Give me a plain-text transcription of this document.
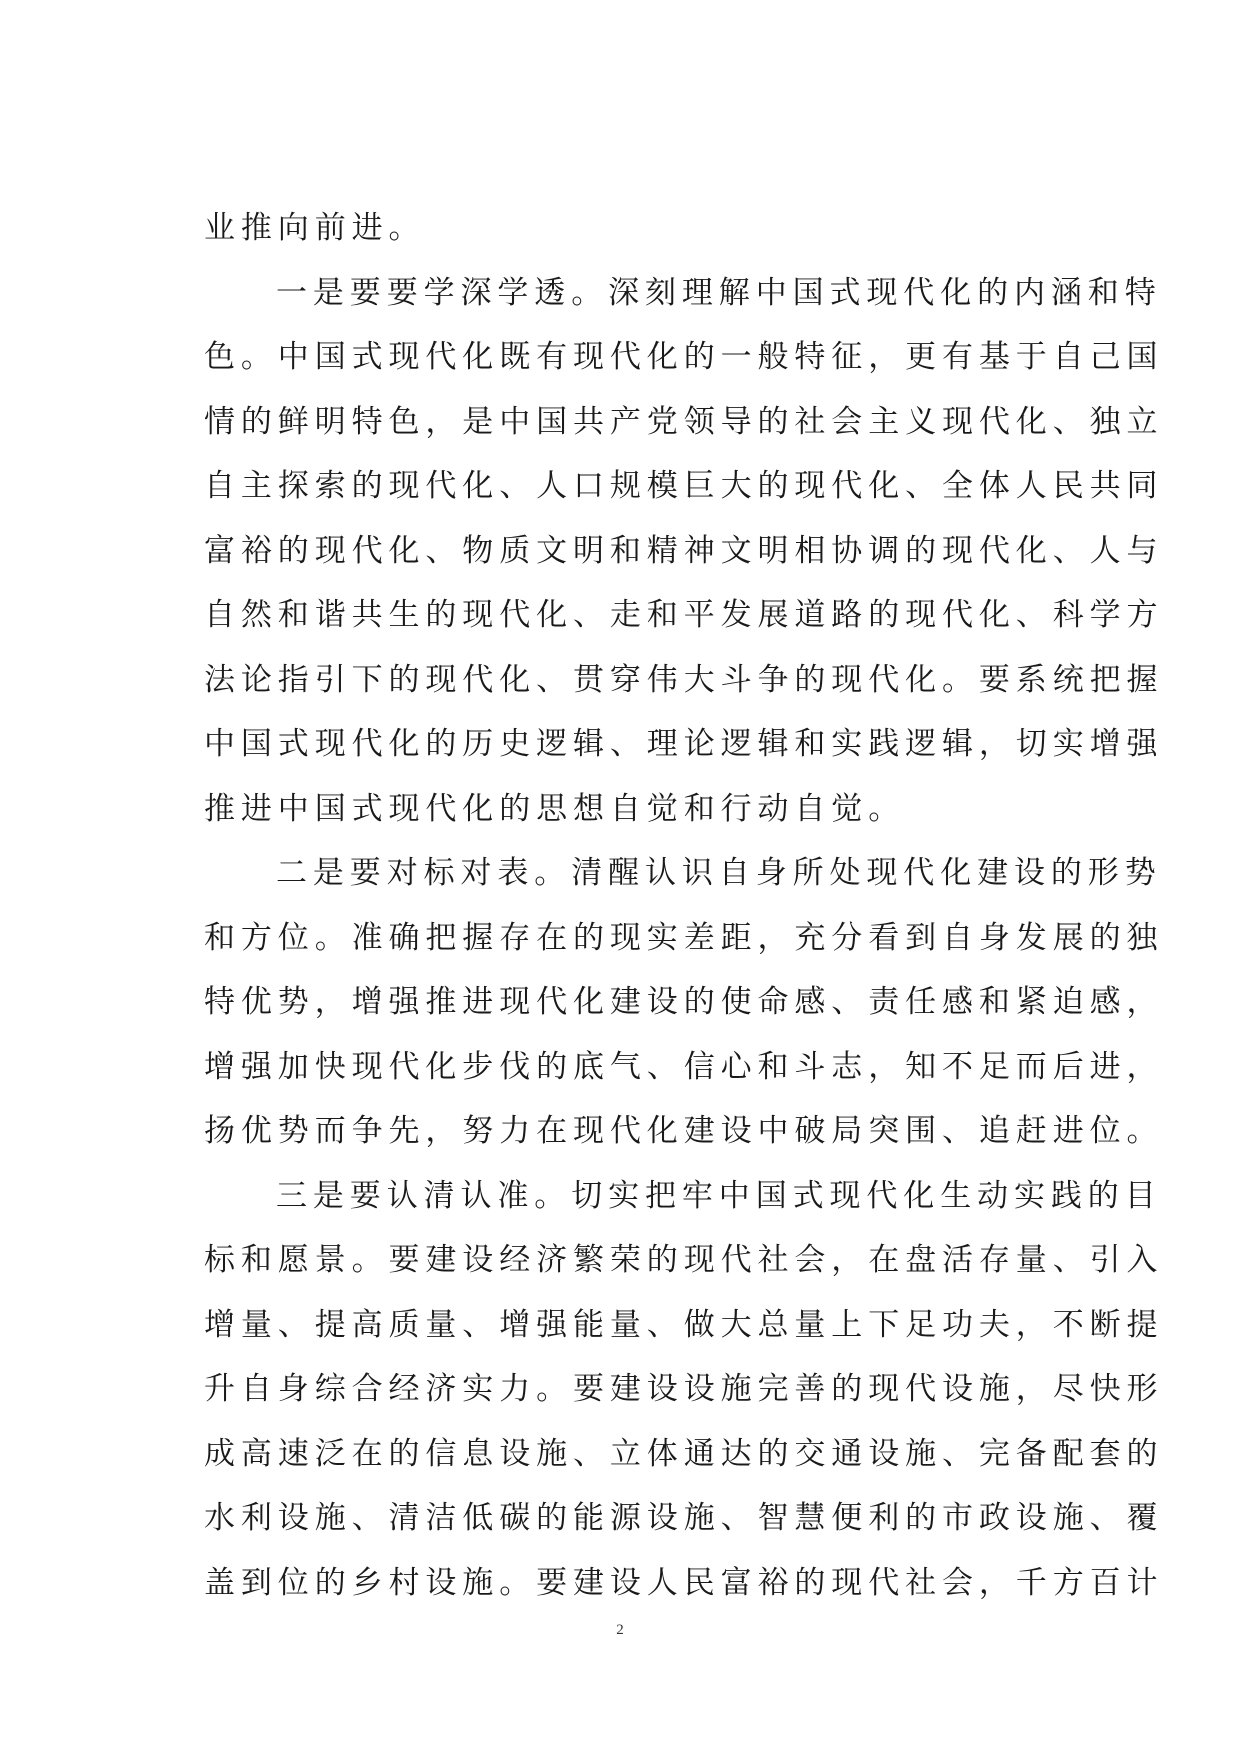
业推向前进。
一是要要学深学透。深刻理解中国式现代化的内涵和特
色。中国式现代化既有现代化的一般特征，更有基于自己国
情的鲜明特色，是中国共产党领导的社会主义现代化、独立
自主探索的现代化、人口规模巨大的现代化、全体人民共同
富裕的现代化、物质文明和精神文明相协调的现代化、人与
自然和谐共生的现代化、走和平发展道路的现代化、科学方
法论指引下的现代化、贯穿伟大斗争的现代化。要系统把握
中国式现代化的历史逻辑、理论逻辑和实践逻辑，切实增强
推进中国式现代化的思想自觉和行动自觉。
二是要对标对表。清醒认识自身所处现代化建设的形势
和方位。准确把握存在的现实差距，充分看到自身发展的独
特优势，增强推进现代化建设的使命感、责任感和紧迫感，
增强加快现代化步伐的底气、信心和斗志，知不足而后进，
扬优势而争先，努力在现代化建设中破局突围、追赶进位。
三是要认清认准。切实把牢中国式现代化生动实践的目
标和愿景。要建设经济繁荣的现代社会，在盘活存量、引入
增量、提高质量、增强能量、做大总量上下足功夫，不断提
升自身综合经济实力。要建设设施完善的现代设施，尽快形
成高速泛在的信息设施、立体通达的交通设施、完备配套的
水利设施、清洁低碳的能源设施、智慧便利的市政设施、覆
盖到位的乡村设施。要建设人民富裕的现代社会，千方百计
2
